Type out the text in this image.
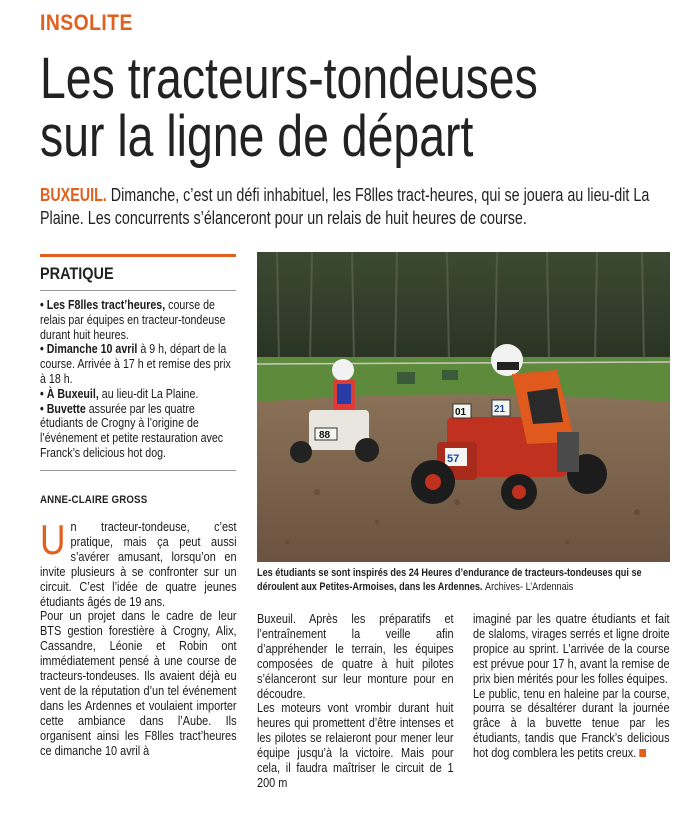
INSOLITE
Les tracteurs-tondeuses
sur la ligne de départ

BUXEUIL. Dimanche, c’est un défi inhabituel, les F8lles tract-heures, qui se jouera au lieu-dit La Plaine. Les concurrents s’élanceront pour un relais de huit heures de course.

PRATIQUE
• Les F8lles tract’heures, course de relais par équipes en tracteur-tondeuse durant huit heures.
• Dimanche 10 avril à 9 h, départ de la course. Arrivée à 17 h et remise des prix à 18 h.
• À Buxeuil, au lieu-dit La Plaine.
• Buvette assurée par les quatre étudiants de Crogny à l’origine de l’événement et petite restauration avec Franck’s delicious hot dog.
ANNE-CLAIRE GROSS
88
01	21
57

Les étudiants se sont inspirés des 24 Heures d’endurance de tracteurs-tondeuses qui se déroulent aux Petites-Armoises, dans les Ardennes. Archives- L’Ardennais

Un tracteur-tondeuse, c’est pratique, mais ça peut aussi s’avérer amusant, lorsqu’on en invite plusieurs à se confronter sur un circuit. C’est l’idée de quatre jeunes étudiants âgés de 19 ans.
Pour un projet dans le cadre de leur BTS gestion forestière à Crogny, Alix, Cassandre, Léonie et Robin ont immédiatement pensé à une course de tracteurs-tondeuses. Ils avaient déjà eu vent de la réputation d’un tel événement dans les Ardennes et voulaient importer cette ambiance dans l’Aube. Ils organisent ainsi les F8lles tract’heures ce dimanche 10 avril à
Buxeuil. Après les préparatifs et l’entraînement la veille afin d’appréhender le terrain, les équipes composées de quatre à huit pilotes s’élanceront sur leur monture pour en découdre.
Les moteurs vont vrombir durant huit heures qui promettent d’être intenses et les pilotes se relaieront pour mener leur équipe jusqu’à la victoire. Mais pour cela, il faudra maîtriser le circuit de 1 200 m
imaginé par les quatre étudiants et fait de slaloms, virages serrés et ligne droite propice au sprint. L’arrivée de la course est prévue pour 17 h, avant la remise de prix bien mérités pour les folles équipes.
Le public, tenu en haleine par la course, pourra se désaltérer durant la journée grâce à la buvette tenue par les étudiants, tandis que Franck’s delicious hot dog comblera les petits creux.
